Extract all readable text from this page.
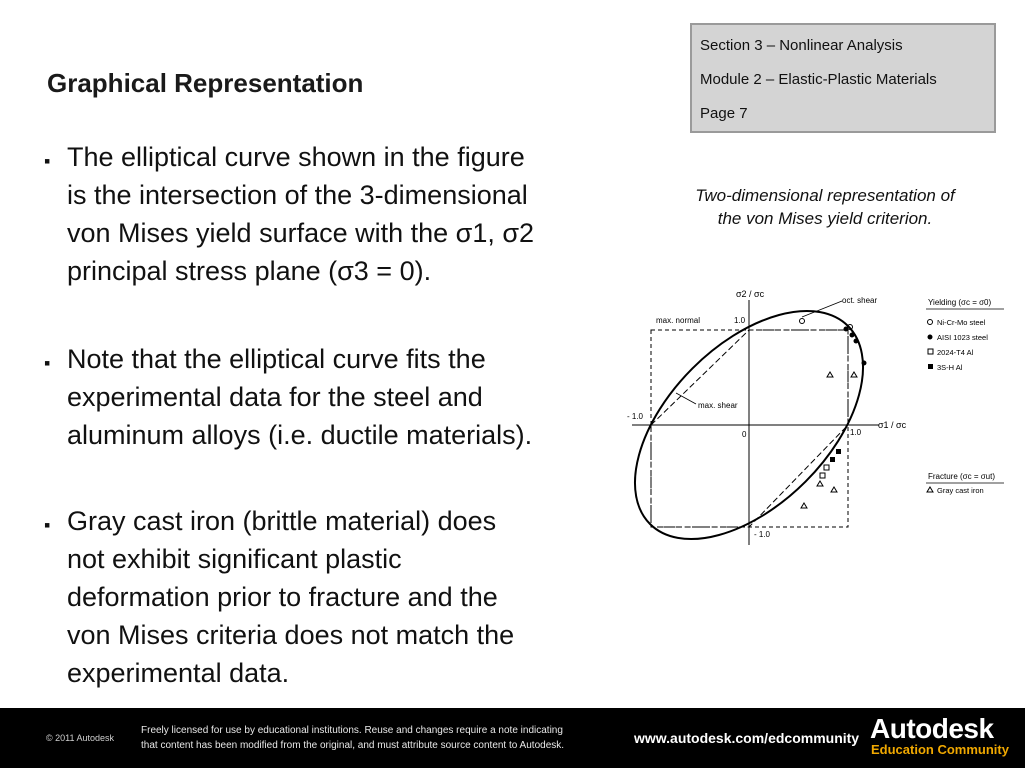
Graphical Representation
Section 3 – Nonlinear Analysis
Module 2 – Elastic-Plastic Materials
Page 7
▪ The elliptical curve shown in the figure
is the intersection of the 3-dimensional
von Mises yield surface with the σ1, σ2
principal stress plane (σ3 = 0).
▪ Note that the elliptical curve fits the
experimental data for the steel and
aluminum alloys (i.e. ductile materials).
▪ Gray cast iron (brittle material) does
not exhibit significant plastic
deformation prior to fracture and the
von Mises criteria does not match the
experimental data.
Two-dimensional representation of
the von Mises yield criterion.
σ2 / σc
σ1 / σc
1.0
1.0
- 1.0
- 1.0
0
max. normal
oct. shear
max. shear
Yielding (σc = σ0)
Ni-Cr-Mo steel
AISI 1023 steel
2024-T4 Al
3S-H Al
Fracture (σc = σut)
Gray cast iron
© 2011 Autodesk
Freely licensed for use by educational institutions. Reuse and changes require a note indicating
that content has been modified from the original, and must attribute source content to Autodesk.	www.autodesk.com/edcommunity Autodesk
Education Community
